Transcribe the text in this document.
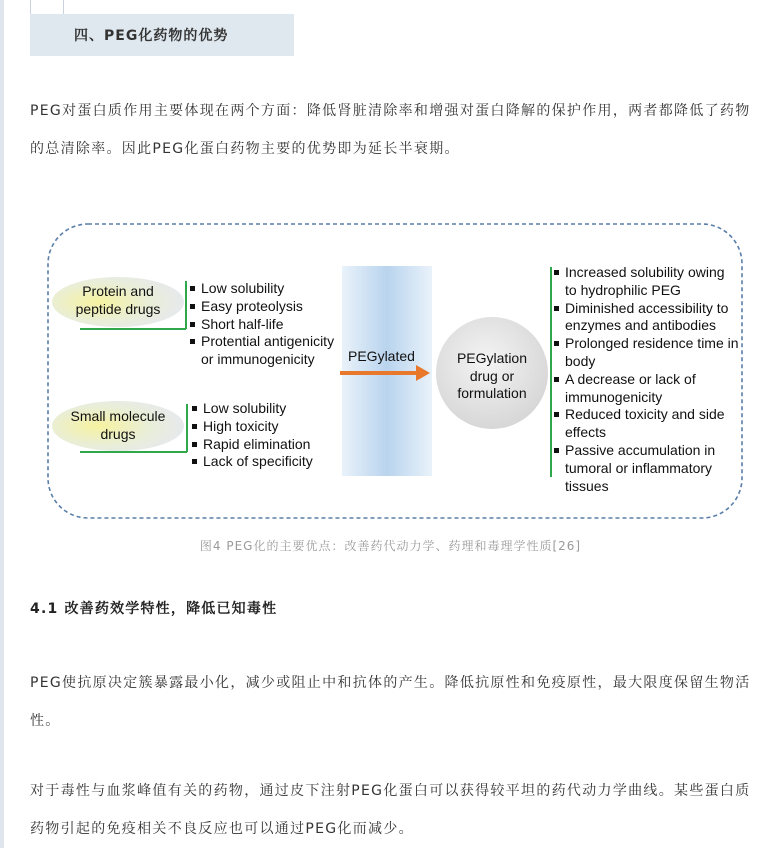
四、PEG化药物的优势

PEG对蛋白质作用主要体现在两个方面：降低肾脏清除率和增强对蛋白降解的保护作用，两者都降低了药物的总清除率。因此PEG化蛋白药物主要的优势即为延长半衰期。

Protein and
peptide drugs
Small molecule
drugs
Low solubility
Easy proteolysis
Short half-life
Protential antigenicity or immunogenicity
Low solubility
High toxicity
Rapid elimination
Lack of specificity
PEGylated	PEGylation
drug or
formulation
Increased solubility owing to hydrophilic PEG
Diminished accessibility to enzymes and antibodies
Prolonged residence time in body
A decrease or lack of immunogenicity
Reduced toxicity and side effects
Passive accumulation in tumoral or inflammatory tissues
图4 PEG化的主要优点：改善药代动力学、药理和毒理学性质[26]
4.1 改善药效学特性，降低已知毒性

PEG使抗原决定簇暴露最小化，减少或阻止中和抗体的产生。降低抗原性和免疫原性，最大限度保留生物活性。

对于毒性与血浆峰值有关的药物，通过皮下注射PEG化蛋白可以获得较平坦的药代动力学曲线。某些蛋白质药物引起的免疫相关不良反应也可以通过PEG化而减少。
